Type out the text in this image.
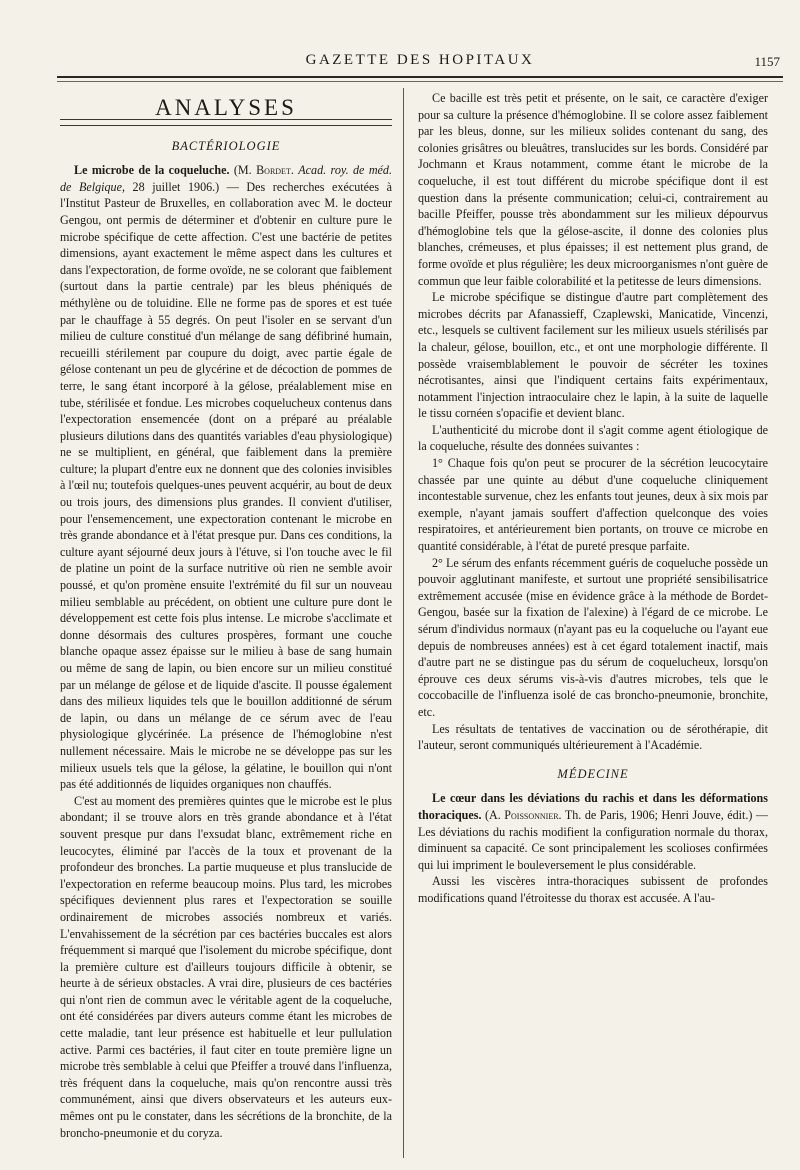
GAZETTE DES HOPITAUX	1157
ANALYSES
BACTÉRIOLOGIE

Le microbe de la coqueluche. (M. Bordet. Acad. roy. de méd. de Belgique, 28 juillet 1906.) — Des recherches exécutées à l'Institut Pasteur de Bruxelles, en collaboration avec M. le docteur Gengou, ont permis de déterminer et d'obtenir en culture pure le microbe spécifique de cette affection. C'est une bactérie de petites dimensions, ayant exactement le même aspect dans les cultures et dans l'expectoration, de forme ovoïde, ne se colorant que faiblement (surtout dans la partie centrale) par les bleus phéniqués de méthylène ou de toluidine. Elle ne forme pas de spores et est tuée par le chauffage à 55 degrés. On peut l'isoler en se servant d'un milieu de culture constitué d'un mélange de sang défibriné humain, recueilli stérilement par coupure du doigt, avec partie égale de gélose contenant un peu de glycérine et de décoction de pommes de terre, le sang étant incorporé à la gélose, préalablement mise en tube, stérilisée et fondue. Les microbes coquelucheux contenus dans l'expectoration ensemencée (dont on a préparé au préalable plusieurs dilutions dans des quantités variables d'eau physiologique) ne se multiplient, en général, que faiblement dans la première culture; la plupart d'entre eux ne donnent que des colonies invisibles à l'œil nu; toutefois quelques-unes peuvent acquérir, au bout de deux ou trois jours, des dimensions plus grandes. Il convient d'utiliser, pour l'ensemencement, une expectoration contenant le microbe en très grande abondance et à l'état presque pur. Dans ces conditions, la culture ayant séjourné deux jours à l'étuve, si l'on touche avec le fil de platine un point de la surface nutritive où rien ne semble avoir poussé, et qu'on promène ensuite l'extrémité du fil sur un nouveau milieu semblable au précédent, on obtient une culture pure dont le développement est cette fois plus intense. Le microbe s'acclimate et donne désormais des cultures prospères, formant une couche blanche opaque assez épaisse sur le milieu à base de sang humain ou même de sang de lapin, ou bien encore sur un milieu constitué par un mélange de gélose et de liquide d'ascite. Il pousse également dans des milieux liquides tels que le bouillon additionné de sérum de lapin, ou dans un mélange de ce sérum avec de l'eau physiologique glycérinée. La présence de l'hémoglobine n'est nullement nécessaire. Mais le microbe ne se développe pas sur les milieux usuels tels que la gélose, la gélatine, le bouillon qui n'ont pas été additionnés de liquides organiques non chauffés.

C'est au moment des premières quintes que le microbe est le plus abondant; il se trouve alors en très grande abondance et à l'état souvent presque pur dans l'exsudat blanc, extrêmement riche en leucocytes, éliminé par l'accès de la toux et provenant de la profondeur des bronches. La partie muqueuse et plus translucide de l'expectoration en referme beaucoup moins. Plus tard, les microbes spécifiques deviennent plus rares et l'expectoration se souille ordinairement de microbes associés nombreux et variés. L'envahissement de la sécrétion par ces bactéries buccales est alors fréquemment si marqué que l'isolement du microbe spécifique, dont la première culture est d'ailleurs toujours difficile à obtenir, se heurte à de sérieux obstacles. A vrai dire, plusieurs de ces bactéries qui n'ont rien de commun avec le véritable agent de la coqueluche, ont été considérées par divers auteurs comme étant les microbes de cette maladie, tant leur présence est habituelle et leur pullulation active. Parmi ces bactéries, il faut citer en toute première ligne un microbe très semblable à celui que Pfeiffer a trouvé dans l'influenza, très fréquent dans la coqueluche, mais qu'on rencontre aussi très communément, ainsi que divers observateurs et les auteurs eux-mêmes ont pu le constater, dans les sécrétions de la bronchite, de la broncho-pneumonie et du coryza.

Ce bacille est très petit et présente, on le sait, ce caractère d'exiger pour sa culture la présence d'hémoglobine. Il se colore assez faiblement par les bleus, donne, sur les milieux solides contenant du sang, des colonies grisâtres ou bleuâtres, translucides sur les bords. Considéré par Jochmann et Kraus notamment, comme étant le microbe de la coqueluche, il est tout différent du microbe spécifique dont il est question dans la présente communication; celui-ci, contrairement au bacille Pfeiffer, pousse très abondamment sur les milieux dépourvus d'hémoglobine tels que la gélose-ascite, il donne des colonies plus blanches, crémeuses, et plus épaisses; il est nettement plus grand, de forme ovoïde et plus régulière; les deux microorganismes n'ont guère de commun que leur faible colorabilité et la petitesse de leurs dimensions.

Le microbe spécifique se distingue d'autre part complètement des microbes décrits par Afanassieff, Czaplewski, Manicatide, Vincenzi, etc., lesquels se cultivent facilement sur les milieux usuels stérilisés par la chaleur, gélose, bouillon, etc., et ont une morphologie différente. Il possède vraisemblablement le pouvoir de sécréter les toxines nécrotisantes, ainsi que l'indiquent certains faits expérimentaux, notamment l'injection intraoculaire chez le lapin, à la suite de laquelle le tissu cornéen s'opacifie et devient blanc.

L'authenticité du microbe dont il s'agit comme agent étiologique de la coqueluche, résulte des données suivantes :

1° Chaque fois qu'on peut se procurer de la sécrétion leucocytaire chassée par une quinte au début d'une coqueluche cliniquement incontestable survenue, chez les enfants tout jeunes, deux à six mois par exemple, n'ayant jamais souffert d'affection quelconque des voies respiratoires, et antérieurement bien portants, on trouve ce microbe en quantité considérable, à l'état de pureté presque parfaite.

2° Le sérum des enfants récemment guéris de coqueluche possède un pouvoir agglutinant manifeste, et surtout une propriété sensibilisatrice extrêmement accusée (mise en évidence grâce à la méthode de Bordet-Gengou, basée sur la fixation de l'alexine) à l'égard de ce microbe. Le sérum d'individus normaux (n'ayant pas eu la coqueluche ou l'ayant eue depuis de nombreuses années) est à cet égard totalement inactif, mais d'autre part ne se distingue pas du sérum de coquelucheux, lorsqu'on éprouve ces deux sérums vis-à-vis d'autres microbes, tels que le coccobacille de l'influenza isolé de cas broncho-pneumonie, bronchite, etc.

Les résultats de tentatives de vaccination ou de sérothérapie, dit l'auteur, seront communiqués ultérieurement à l'Académie.

MÉDECINE

Le cœur dans les déviations du rachis et dans les déformations thoraciques. (A. Poissonnier. Th. de Paris, 1906; Henri Jouve, édit.) — Les déviations du rachis modifient la configuration normale du thorax, diminuent sa capacité. Ce sont principalement les scolioses confirmées qui lui impriment le bouleversement le plus considérable.

Aussi les viscères intra-thoraciques subissent de profondes modifications quand l'étroitesse du thorax est accusée. A l'au-
